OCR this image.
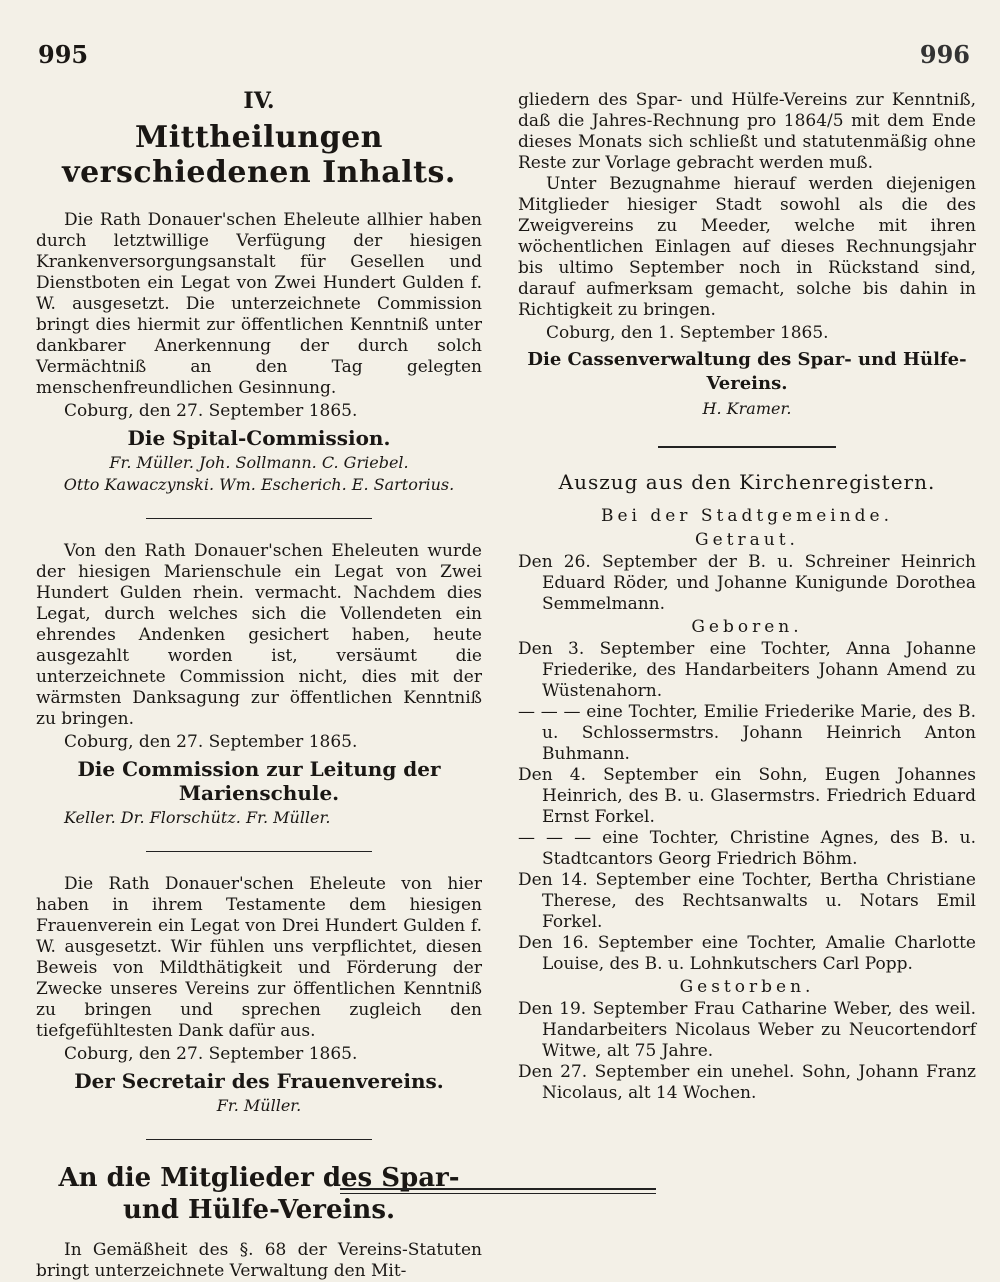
995	996
IV.
Mittheilungen verschiedenen Inhalts.

Die Rath Donauer'schen Eheleute allhier haben durch letztwillige Verfügung der hiesigen Krankenversorgungsanstalt für Gesellen und Dienstboten ein Legat von Zwei Hundert Gulden f. W. ausgesetzt. Die unterzeichnete Commission bringt dies hiermit zur öffentlichen Kenntniß unter dankbarer Anerkennung der durch solch Vermächtniß an den Tag gelegten menschenfreundlichen Gesinnung.

Coburg, den 27. September 1865.
Die Spital-Commission.
Fr. Müller. Joh. Sollmann. C. Griebel.
Otto Kawaczynski. Wm. Escherich. E. Sartorius.

Von den Rath Donauer'schen Eheleuten wurde der hiesigen Marienschule ein Legat von Zwei Hundert Gulden rhein. vermacht. Nachdem dies Legat, durch welches sich die Vollendeten ein ehrendes Andenken gesichert haben, heute ausgezahlt worden ist, versäumt die unterzeichnete Commission nicht, dies mit der wärmsten Danksagung zur öffentlichen Kenntniß zu bringen.

Coburg, den 27. September 1865.
Die Commission zur Leitung der Marienschule.
Keller. Dr. Florschütz. Fr. Müller.

Die Rath Donauer'schen Eheleute von hier haben in ihrem Testamente dem hiesigen Frauenverein ein Legat von Drei Hundert Gulden f. W. ausgesetzt. Wir fühlen uns verpflichtet, diesen Beweis von Mildthätigkeit und Förderung der Zwecke unseres Vereins zur öffentlichen Kenntniß zu bringen und sprechen zugleich den tiefgefühltesten Dank dafür aus.

Coburg, den 27. September 1865.
Der Secretair des Frauenvereins.
Fr. Müller.
An die Mitglieder des Spar- und Hülfe-Vereins.

In Gemäßheit des §. 68 der Vereins-Statuten bringt unterzeichnete Verwaltung den Mit-

gliedern des Spar- und Hülfe-Vereins zur Kenntniß, daß die Jahres-Rechnung pro 1864/5 mit dem Ende dieses Monats sich schließt und statutenmäßig ohne Reste zur Vorlage gebracht werden muß.

Unter Bezugnahme hierauf werden diejenigen Mitglieder hiesiger Stadt sowohl als die des Zweigvereins zu Meeder, welche mit ihren wöchentlichen Einlagen auf dieses Rechnungsjahr bis ultimo September noch in Rückstand sind, darauf aufmerksam gemacht, solche bis dahin in Richtigkeit zu bringen.

Coburg, den 1. September 1865.
Die Cassenverwaltung des Spar- und Hülfe-Vereins.
H. Kramer.
Auszug aus den Kirchenregistern.
Bei der Stadtgemeinde.
Getraut.

Den 26. September der B. u. Schreiner Heinrich Eduard Röder, und Johanne Kunigunde Dorothea Semmelmann.

Geboren.

Den 3. September eine Tochter, Anna Johanne Friederike, des Handarbeiters Johann Amend zu Wüstenahorn.

— — — eine Tochter, Emilie Friederike Marie, des B. u. Schlossermstrs. Johann Heinrich Anton Buhmann.

Den 4. September ein Sohn, Eugen Johannes Heinrich, des B. u. Glasermstrs. Friedrich Eduard Ernst Forkel.

— — — eine Tochter, Christine Agnes, des B. u. Stadtcantors Georg Friedrich Böhm.

Den 14. September eine Tochter, Bertha Christiane Therese, des Rechtsanwalts u. Notars Emil Forkel.

Den 16. September eine Tochter, Amalie Charlotte Louise, des B. u. Lohnkutschers Carl Popp.

Gestorben.

Den 19. September Frau Catharine Weber, des weil. Handarbeiters Nicolaus Weber zu Neucortendorf Witwe, alt 75 Jahre.

Den 27. September ein unehel. Sohn, Johann Franz Nicolaus, alt 14 Wochen.
